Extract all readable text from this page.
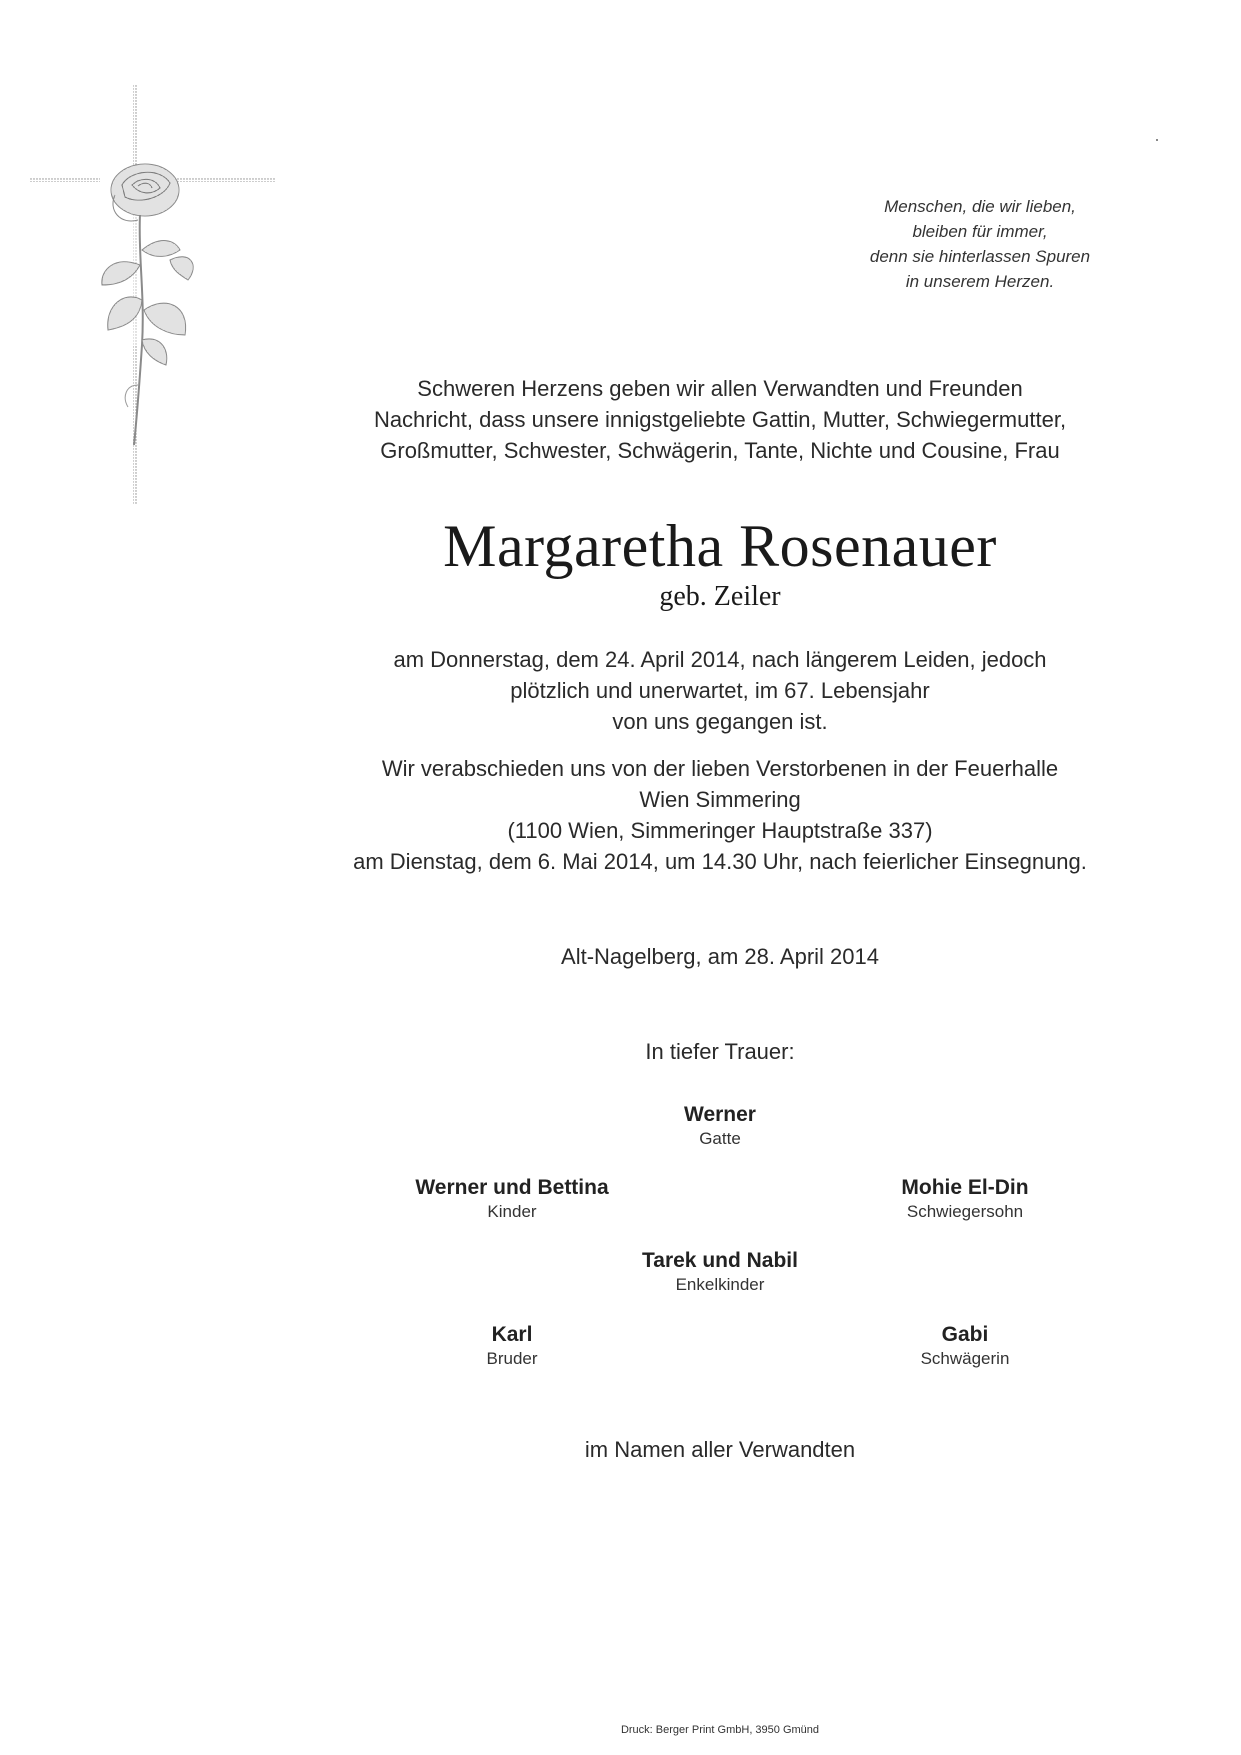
Menschen, die wir lieben,
bleiben für immer,
denn sie hinterlassen Spuren
in unserem Herzen.
Schweren Herzens geben wir allen Verwandten und Freunden
Nachricht, dass unsere innigstgeliebte Gattin, Mutter, Schwiegermutter,
Großmutter, Schwester, Schwägerin, Tante, Nichte und Cousine, Frau
Margaretha Rosenauer
geb. Zeiler
am Donnerstag, dem 24. April 2014, nach längerem Leiden, jedoch
plötzlich und unerwartet, im 67. Lebensjahr
von uns gegangen ist.
Wir verabschieden uns von der lieben Verstorbenen in der Feuerhalle
Wien Simmering
(1100 Wien, Simmeringer Hauptstraße 337)
am Dienstag, dem 6. Mai 2014, um 14.30 Uhr, nach feierlicher Einsegnung.
Alt-Nagelberg, am 28. April 2014
In tiefer Trauer:
Werner
Gatte
Werner und Bettina
Kinder
Mohie El-Din
Schwiegersohn
Tarek und Nabil
Enkelkinder
Karl
Bruder
Gabi
Schwägerin
im Namen aller Verwandten
Druck: Berger Print GmbH, 3950 Gmünd
